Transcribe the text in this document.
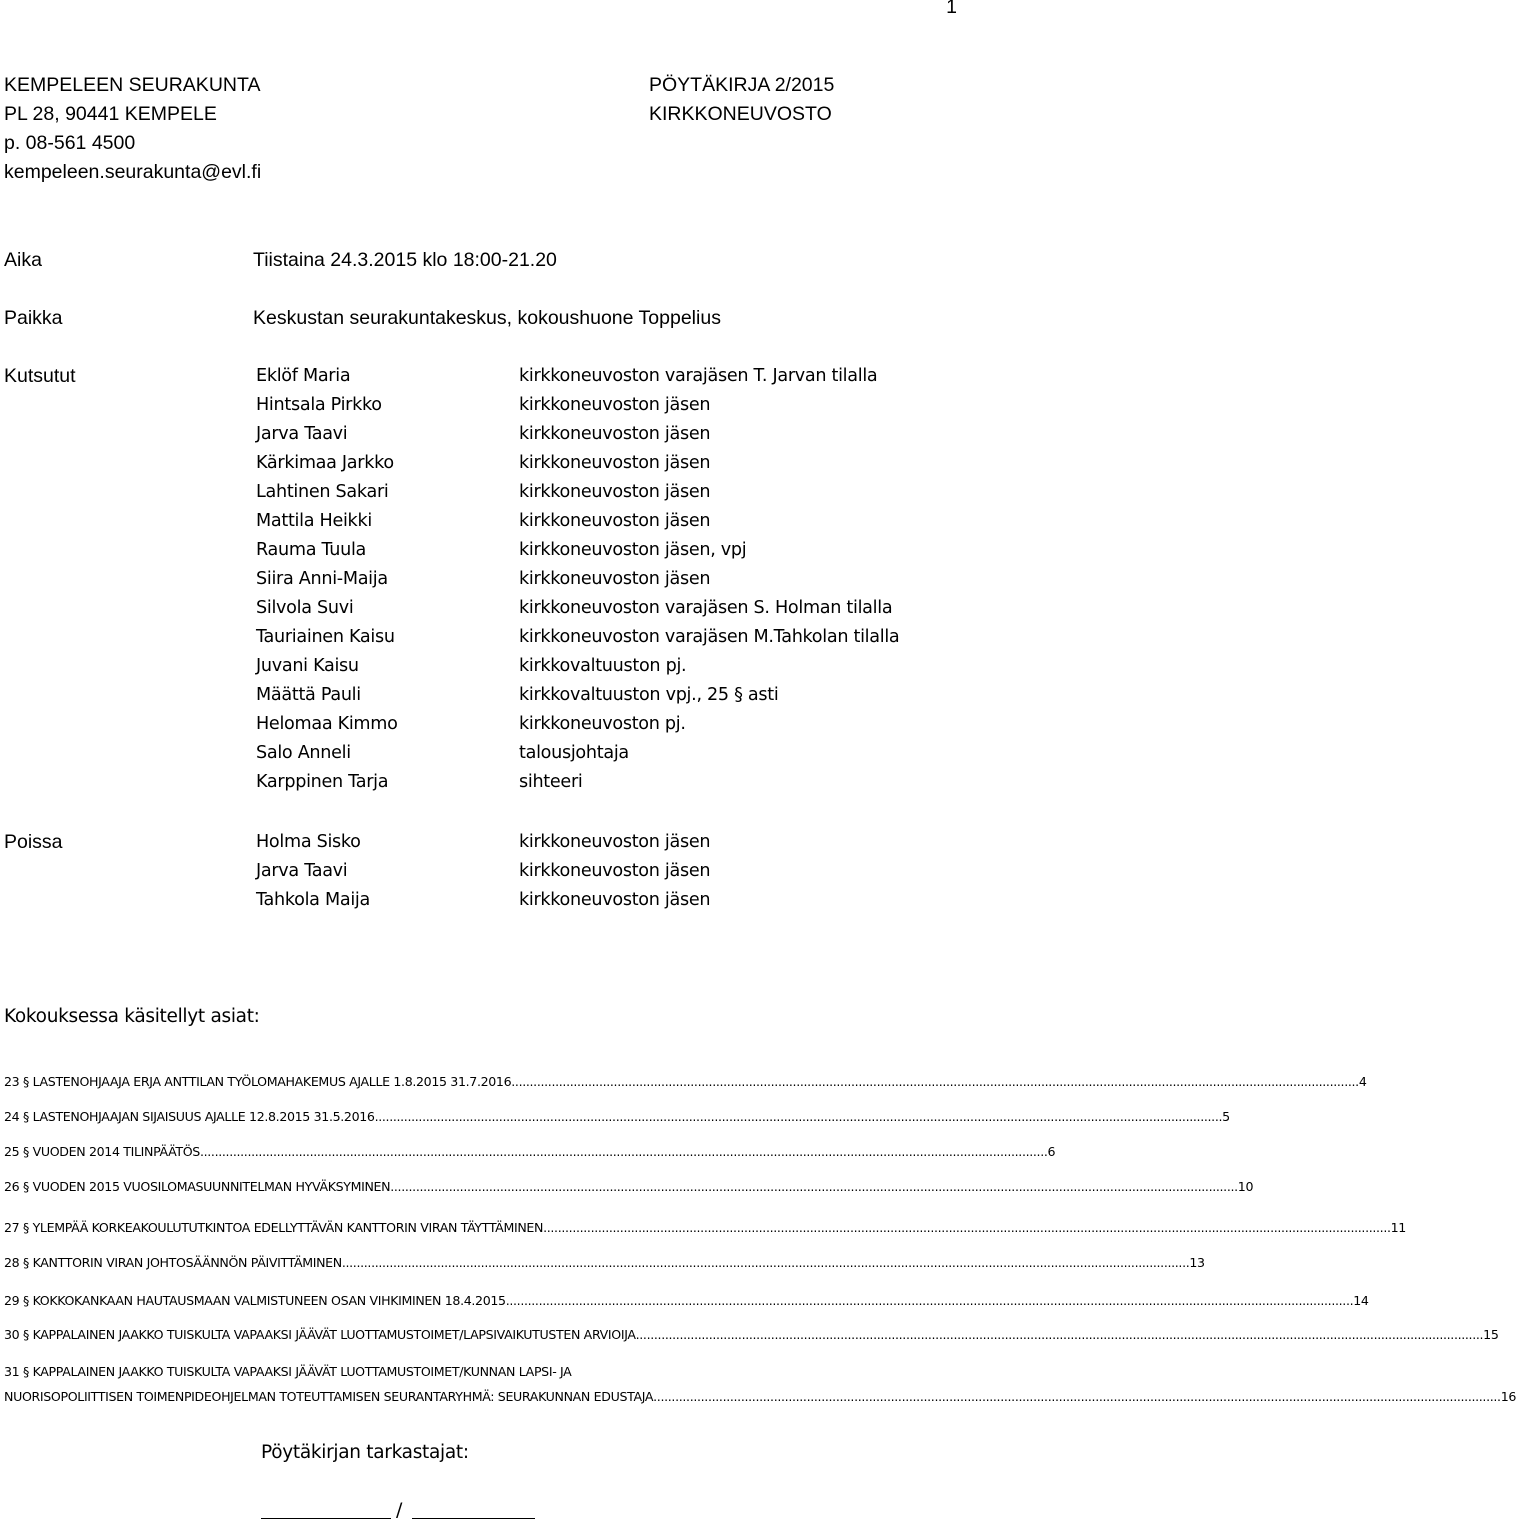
1
KEMPELEEN SEURAKUNTA
PL 28, 90441 KEMPELE
p. 08-561 4500
kempeleen.seurakunta@evl.fi
PÖYTÄKIRJA 2/2015
KIRKKONEUVOSTO
Aika	Tiistaina 24.3.2015 klo 18:00-21.20
Paikka	Keskustan seurakuntakeskus, kokoushuone Toppelius
Kutsutut	Eklöf Maria	kirkkoneuvoston varajäsen T. Jarvan tilalla
Hintsala Pirkko	kirkkoneuvoston jäsen
Jarva Taavi	kirkkoneuvoston jäsen
Kärkimaa Jarkko	kirkkoneuvoston jäsen
Lahtinen Sakari	kirkkoneuvoston jäsen
Mattila Heikki	kirkkoneuvoston jäsen
Rauma Tuula	kirkkoneuvoston jäsen, vpj
Siira Anni-Maija	kirkkoneuvoston jäsen
Silvola Suvi	kirkkoneuvoston varajäsen S. Holman tilalla
Tauriainen Kaisu	kirkkoneuvoston varajäsen M.Tahkolan tilalla
Juvani Kaisu	kirkkovaltuuston pj.
Määttä Pauli	kirkkovaltuuston vpj., 25 § asti
Helomaa Kimmo	kirkkoneuvoston pj.
Salo Anneli	talousjohtaja
Karppinen Tarja	sihteeri
Poissa	Holma Sisko	kirkkoneuvoston jäsen
Jarva Taavi	kirkkoneuvoston jäsen
Tahkola Maija	kirkkoneuvoston jäsen
Kokouksessa käsitellyt asiat:
23 § LASTENOHJAAJA ERJA ANTTILAN TYÖLOMAHAKEMUS AJALLE 1.8.2015 31.7.2016 .....	4
24 § LASTENOHJAAJAN SIJAISUUS AJALLE 12.8.2015 31.5.2016 .....	5
25 § VUODEN 2014 TILINPÄÄTÖS .....	6
26 § VUODEN 2015 VUOSILOMASUUNNITELMAN HYVÄKSYMINEN .....	10
27 § YLEMPÄÄ KORKEAKOULUTUTKINTOA EDELLYTTÄVÄN KANTTORIN VIRAN TÄYTTÄMINEN .....	11
28 § KANTTORIN VIRAN JOHTOSÄÄNNÖN PÄIVITTÄMINEN .....	13
29 § KOKKOKANKAAN HAUTAUSMAAN VALMISTUNEEN OSAN VIHKIMINEN 18.4.2015 .....	14
30 § KAPPALAINEN JAAKKO TUISKULTA VAPAAKSI JÄÄVÄT LUOTTAMUSTOIMET/LAPSIVAIKUTUSTEN ARVIOIJA .....	15
31 § KAPPALAINEN JAAKKO TUISKULTA VAPAAKSI JÄÄVÄT LUOTTAMUSTOIMET/KUNNAN LAPSI- JA
NUORISOPOLIITTISEN TOIMENPIDEOHJELMAN TOTEUTTAMISEN SEURANTARYHMÄ: SEURAKUNNAN EDUSTAJA .....	16
Pöytäkirjan tarkastajat:
/
